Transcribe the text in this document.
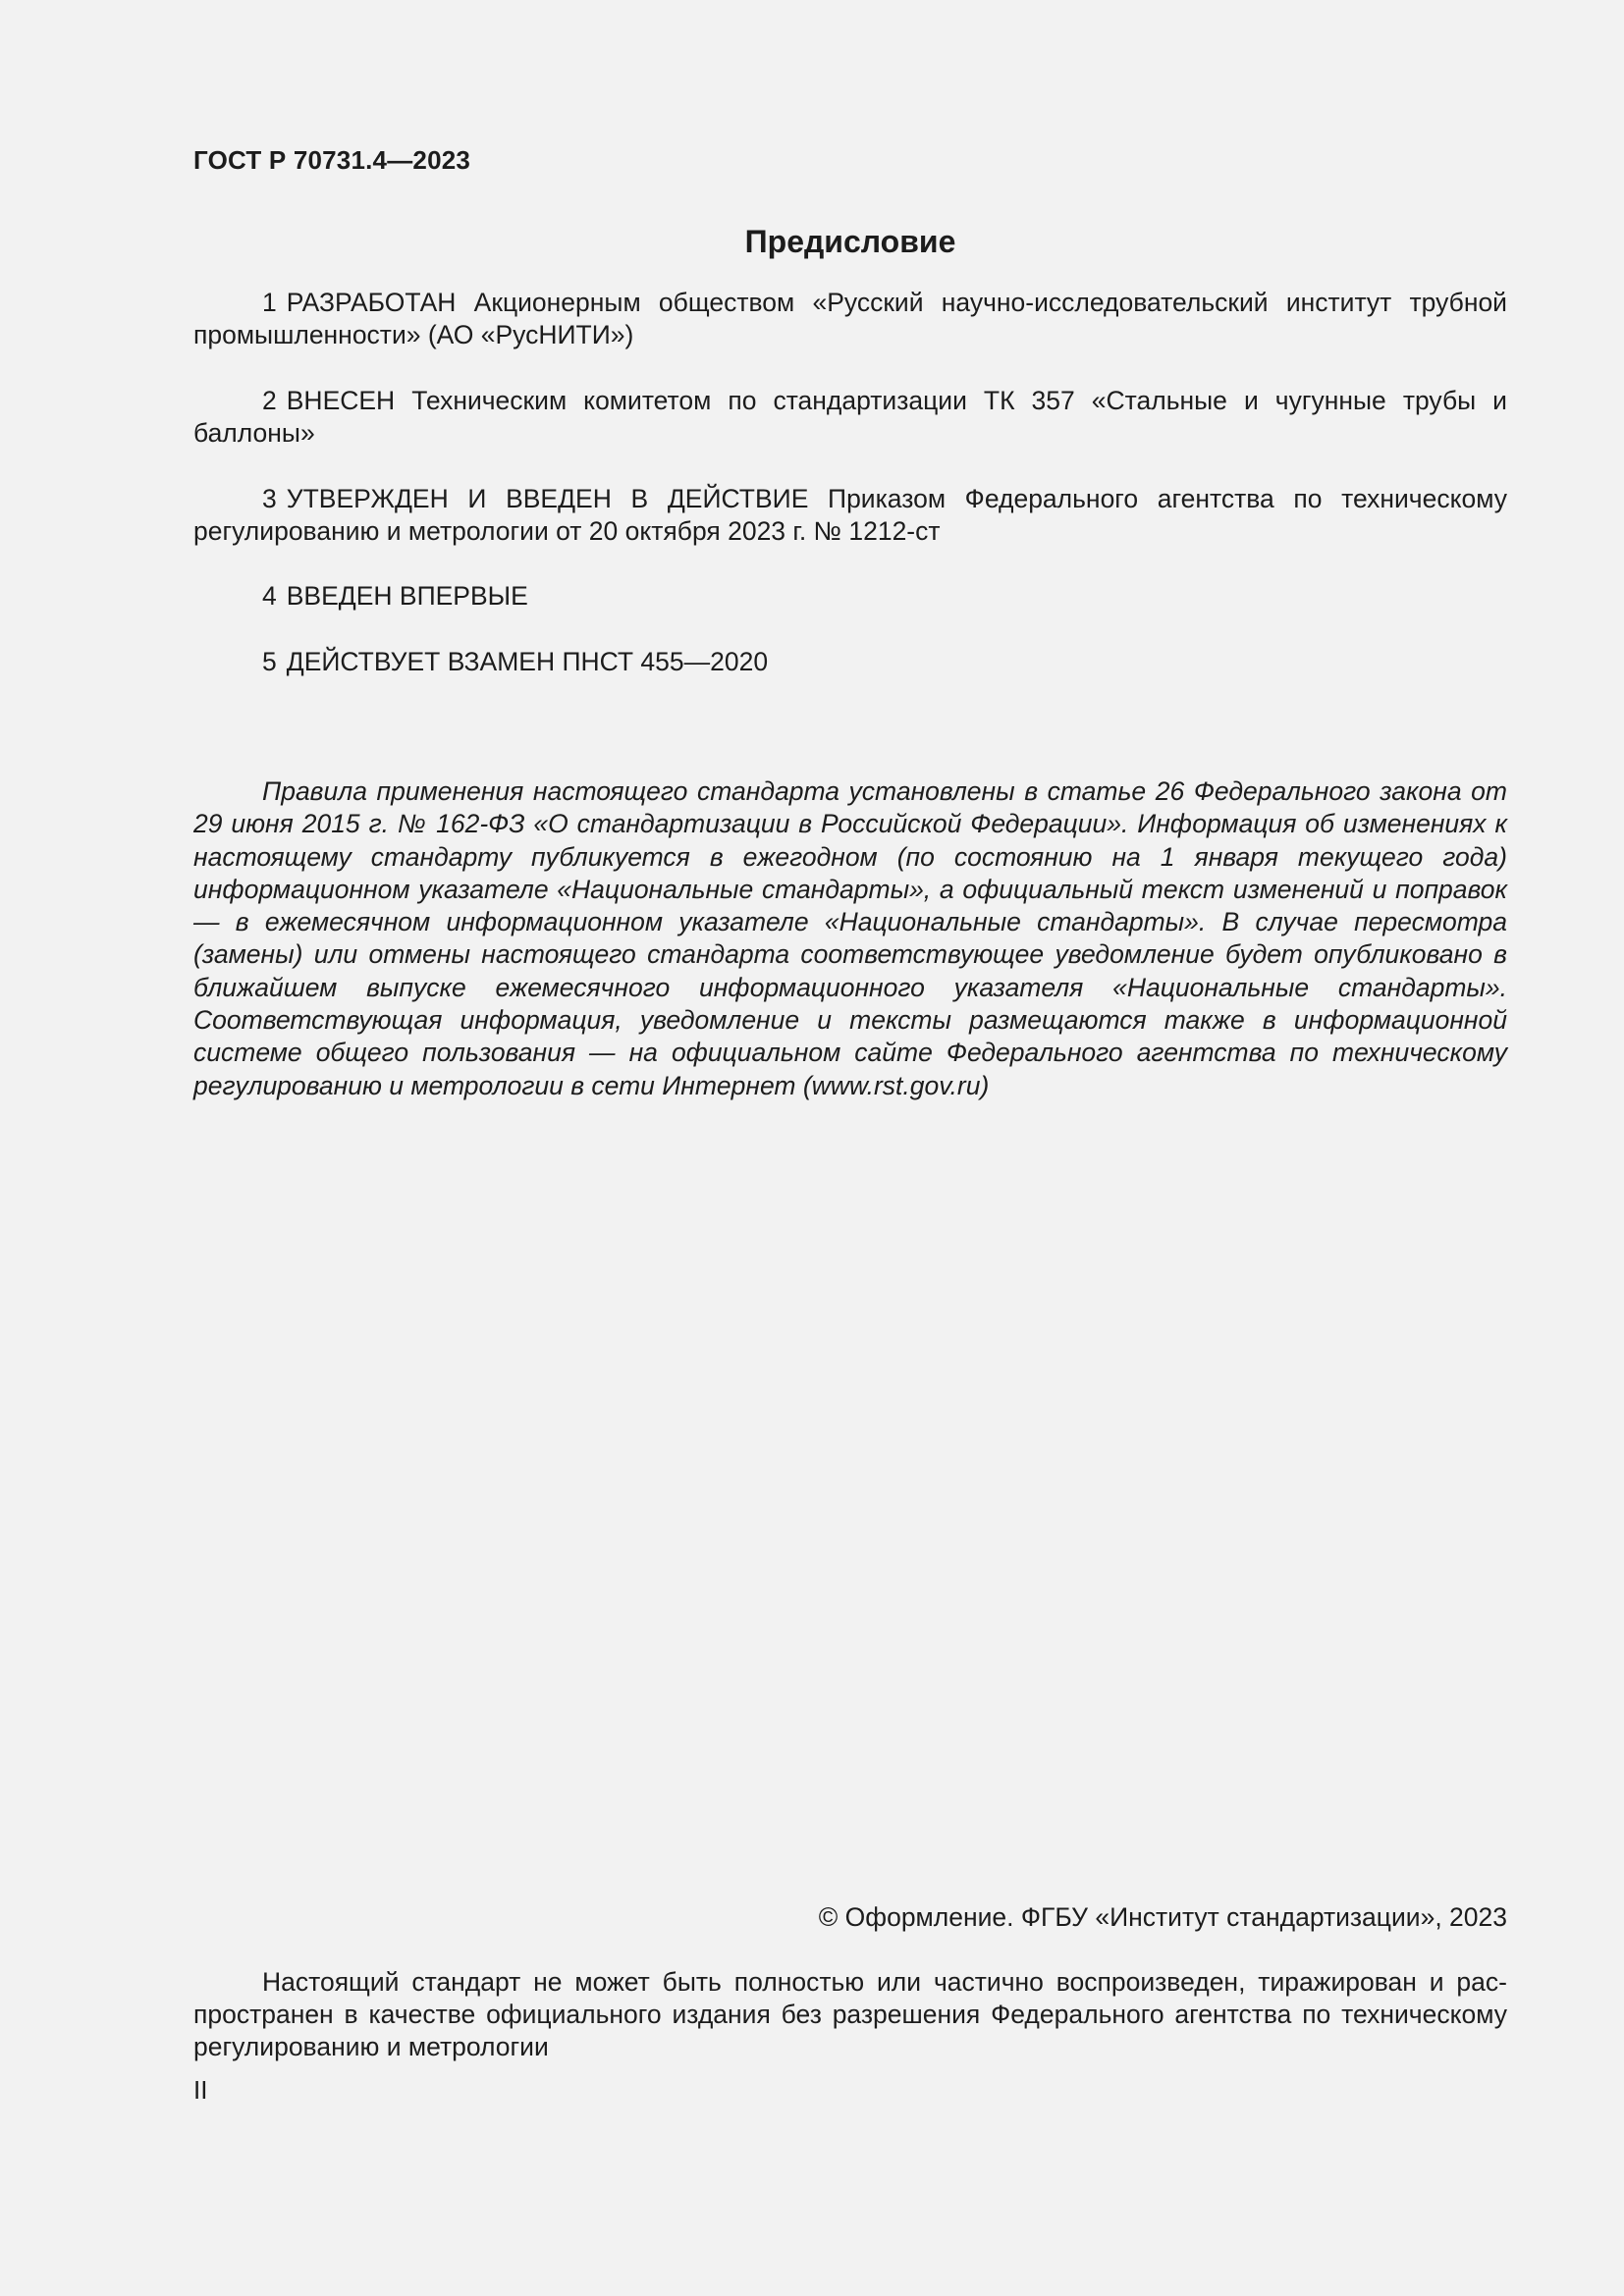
ГОСТ Р 70731.4—2023

Предисловие

1 РАЗРАБОТАН Акционерным обществом «Русский научно-исследовательский институт трубной промышленности» (АО «РусНИТИ»)

2 ВНЕСЕН Техническим комитетом по стандартизации ТК 357 «Стальные и чугунные трубы и баллоны»

3 УТВЕРЖДЕН И ВВЕДЕН В ДЕЙСТВИЕ Приказом Федерального агентства по техническому регулированию и метрологии от 20 октября 2023 г. № 1212-ст

4 ВВЕДЕН ВПЕРВЫЕ

5 ДЕЙСТВУЕТ ВЗАМЕН ПНСТ 455—2020

Правила применения настоящего стандарта установлены в статье 26 Федерального закона от 29 июня 2015 г. № 162-ФЗ «О стандартизации в Российской Федерации». Информация об изменениях к настоящему стандарту публикуется в ежегодном (по состоянию на 1 января текущего года) информационном указателе «Национальные стандарты», а официальный текст изменений и поправок — в ежемесячном информационном указателе «Национальные стандарты». В случае пересмотра (замены) или отмены настоящего стандарта соответствующее уведомление будет опубликовано в ближайшем выпуске ежемесячного информационного указателя «Национальные стандарты». Соответствующая информация, уведомление и тексты размещаются также в информационной системе общего пользования — на официальном сайте Федерального агентства по техническому регулированию и метрологии в сети Интернет (www.rst.gov.ru)

© Оформление. ФГБУ «Институт стандартизации», 2023

Настоящий стандарт не может быть полностью или частично воспроизведен, тиражирован и распространен в качестве официального издания без разрешения Федерального агентства по техническому регулированию и метрологии

II
